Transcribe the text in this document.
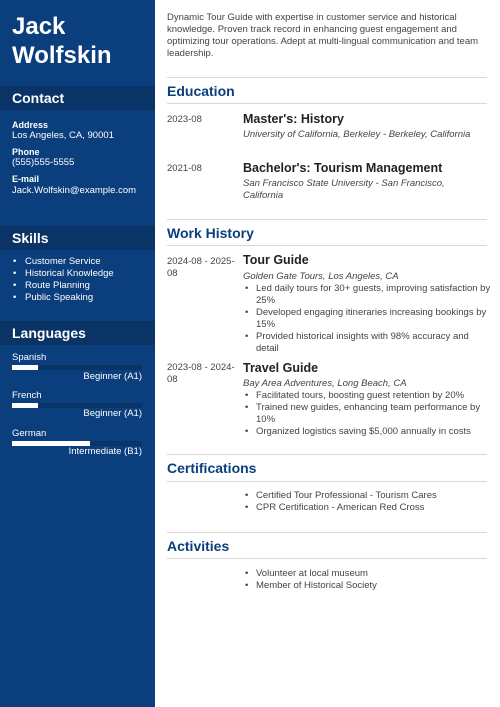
Jack
Wolfskin
Contact
Address
Los Angeles, CA, 90001
Phone
(555)555-5555
E-mail
Jack.Wolfskin@example.com
Skills
• Customer Service
• Historical Knowledge
• Route Planning
• Public Speaking
Languages
Spanish
Beginner (A1)
French
Beginner (A1)
German
Intermediate (B1)
Dynamic Tour Guide with expertise in customer service and historical knowledge. Proven track record in enhancing guest engagement and optimizing tour operations. Adept at multi-lingual communication and team leadership.
Education
2023-08	Master's: History
University of California, Berkeley - Berkeley, California
2021-08	Bachelor's: Tourism Management
San Francisco State University - San Francisco, California
Work History
2024-08 - 2025-08
Tour Guide
Golden Gate Tours, Los Angeles, CA
• Led daily tours for 30+ guests, improving satisfaction by 25%
• Developed engaging itineraries increasing bookings by 15%
• Provided historical insights with 98% accuracy and detail
2023-08 - 2024-08
Travel Guide
Bay Area Adventures, Long Beach, CA
• Facilitated tours, boosting guest retention by 20%
• Trained new guides, enhancing team performance by 10%
• Organized logistics saving $5,000 annually in costs
Certifications
• Certified Tour Professional - Tourism Cares
• CPR Certification - American Red Cross
Activities
• Volunteer at local museum
• Member of Historical Society
